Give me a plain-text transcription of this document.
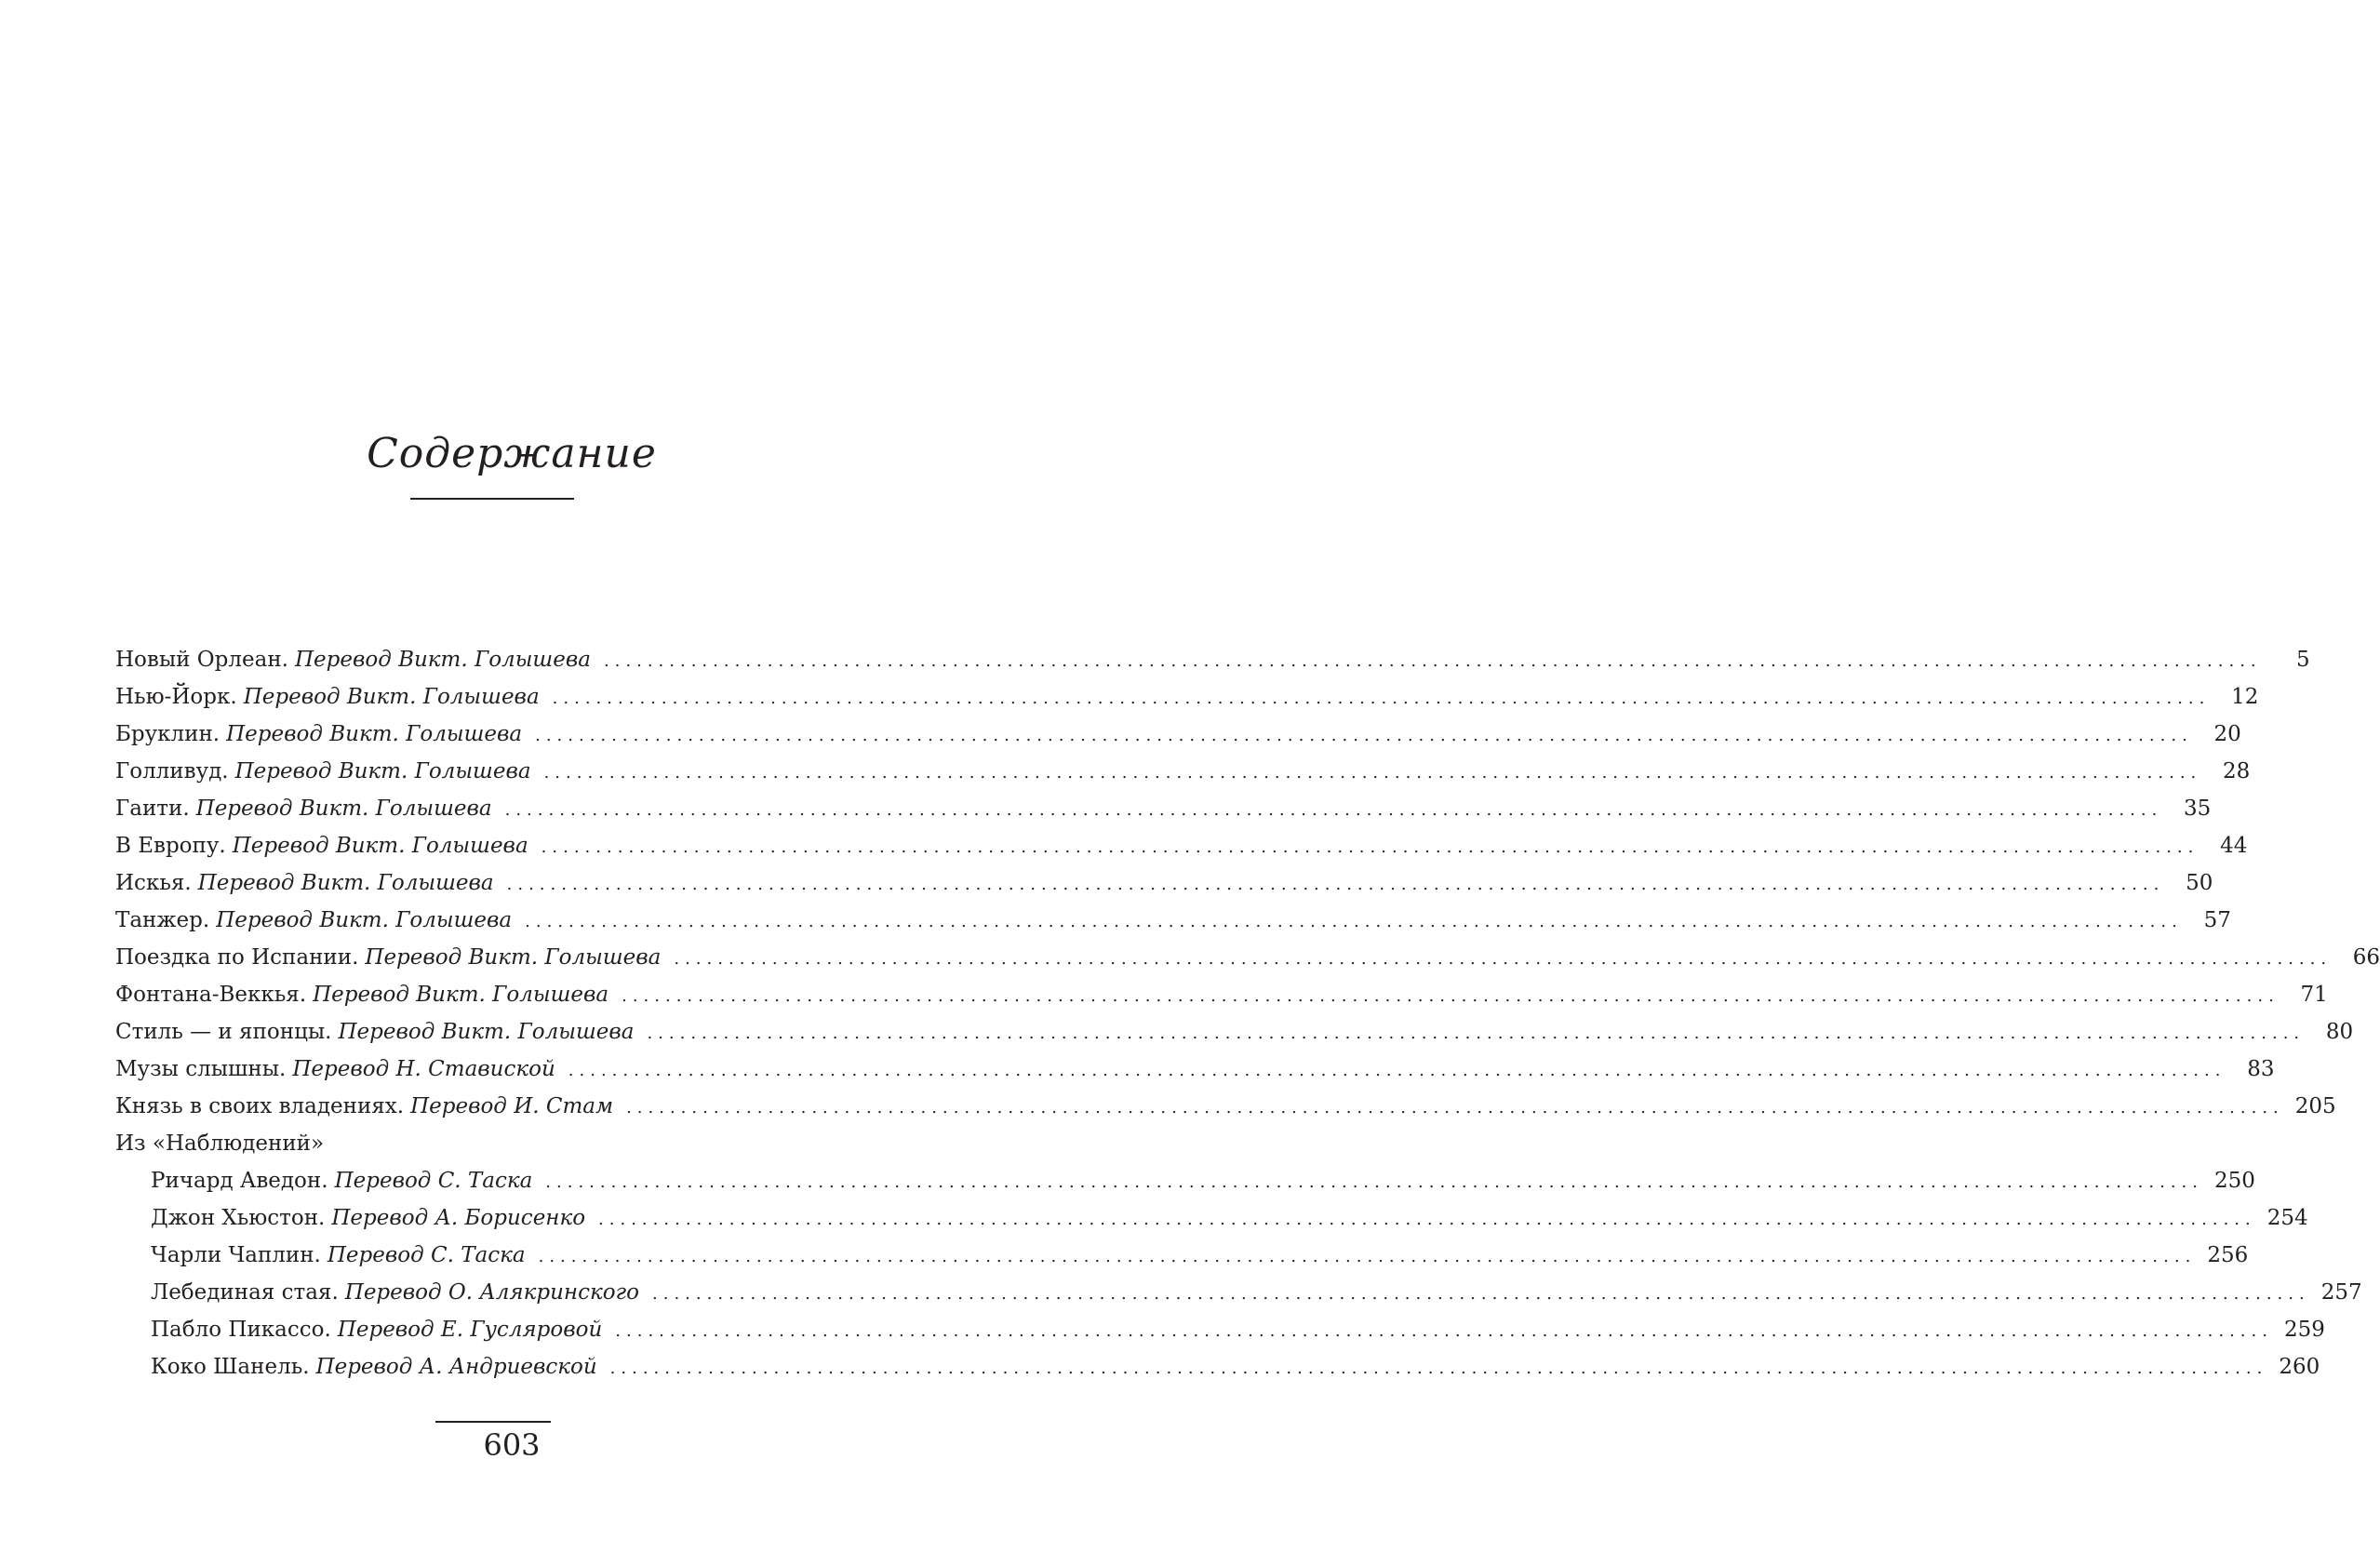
Содержание
Новый Орлеан. Перевод Викт. Голышева ........................................................................................................................................................	5
Нью-Йорк. Перевод Викт. Голышева ........................................................................................................................................................ 12
Бруклин. Перевод Викт. Голышева ........................................................................................................................................................ 20
Голливуд. Перевод Викт. Голышева ........................................................................................................................................................ 28
Гаити. Перевод Викт. Голышева ........................................................................................................................................................ 35
В Европу. Перевод Викт. Голышева ........................................................................................................................................................ 44
Искья. Перевод Викт. Голышева ........................................................................................................................................................ 50
Танжер. Перевод Викт. Голышева ........................................................................................................................................................ 57
Поездка по Испании. Перевод Викт. Голышева ........................................................................................................................................................ 66
Фонтана-Веккья. Перевод Викт. Голышева ........................................................................................................................................................ 71
Стиль — и японцы. Перевод Викт. Голышева ........................................................................................................................................................ 80
Музы слышны. Перевод Н. Ставиской ........................................................................................................................................................ 83
Князь в своих владениях. Перевод И. Стам ........................................................................................................................................................ 205
Из «Наблюдений»
Ричард Аведон. Перевод С. Таска ........................................................................................................................................................ 250
Джон Хьюстон. Перевод А. Борисенко ........................................................................................................................................................ 254
Чарли Чаплин. Перевод С. Таска ........................................................................................................................................................ 256
Лебединая стая. Перевод О. Алякринского ........................................................................................................................................................ 257
Пабло Пикассо. Перевод Е. Гусляровой ........................................................................................................................................................ 259
Коко Шанель. Перевод А. Андриевской ........................................................................................................................................................ 260
603
